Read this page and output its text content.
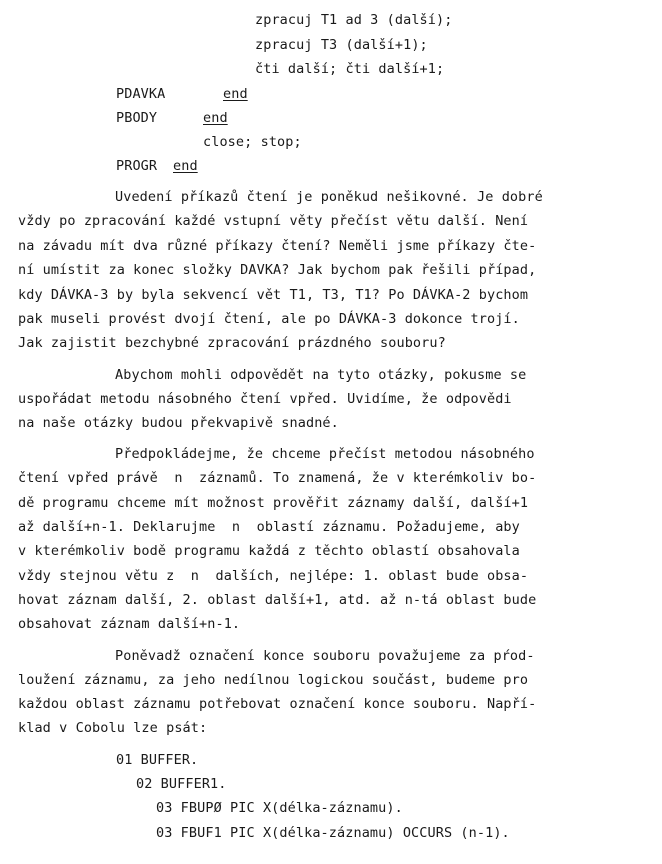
zpracuj T1 ad 3 (další);
zpracuj T3 (další+1);
čti další; čti další+1;
PDAVKA	end
PBODY	end
close; stop;
PROGR end
Uvedení příkazů čtení je poněkud nešikovné. Je dobré
vždy po zpracování každé vstupní věty přečíst větu další. Není
na závadu mít dva různé příkazy čtení? Neměli jsme příkazy čte-
ní umístit za konec složky DAVKA? Jak bychom pak řešili případ,
kdy DÁVKA-3 by byla sekvencí vět T1, T3, T1? Po DÁVKA-2 bychom
pak museli provést dvojí čtení, ale po DÁVKA-3 dokonce trojí.
Jak zajistit bezchybné zpracování prázdného souboru?
Abychom mohli odpovědět na tyto otázky, pokusme se
uspořádat metodu násobného čtení vpřed. Uvidíme, že odpovědi
na naše otázky budou překvapivě snadné.
Předpokládejme, že chceme přečíst metodou násobného
čtení vpřed právě  n  záznamů. To znamená, že v kterémkoliv bo-
dě programu chceme mít možnost prověřit záznamy další, další+1
až další+n-1. Deklarujme  n  oblastí záznamu. Požadujeme, aby
v kterémkoliv bodě programu každá z těchto oblastí obsahovala
vždy stejnou větu z  n  dalších, nejlépe: 1. oblast bude obsa-
hovat záznam další, 2. oblast další+1, atd. až n-tá oblast bude
obsahovat záznam další+n-1.
Poněvadž označení konce souboru považujeme za pŕod-
loužení záznamu, za jeho nedílnou logickou součást, budeme pro
každou oblast záznamu potřebovat označení konce souboru. Napří-
klad v Cobolu lze psát:
01 BUFFER.
02 BUFFER1.
03 FBUPØ PIC X(délka-záznamu).
03 FBUF1 PIC X(délka-záznamu) OCCURS (n-1).
